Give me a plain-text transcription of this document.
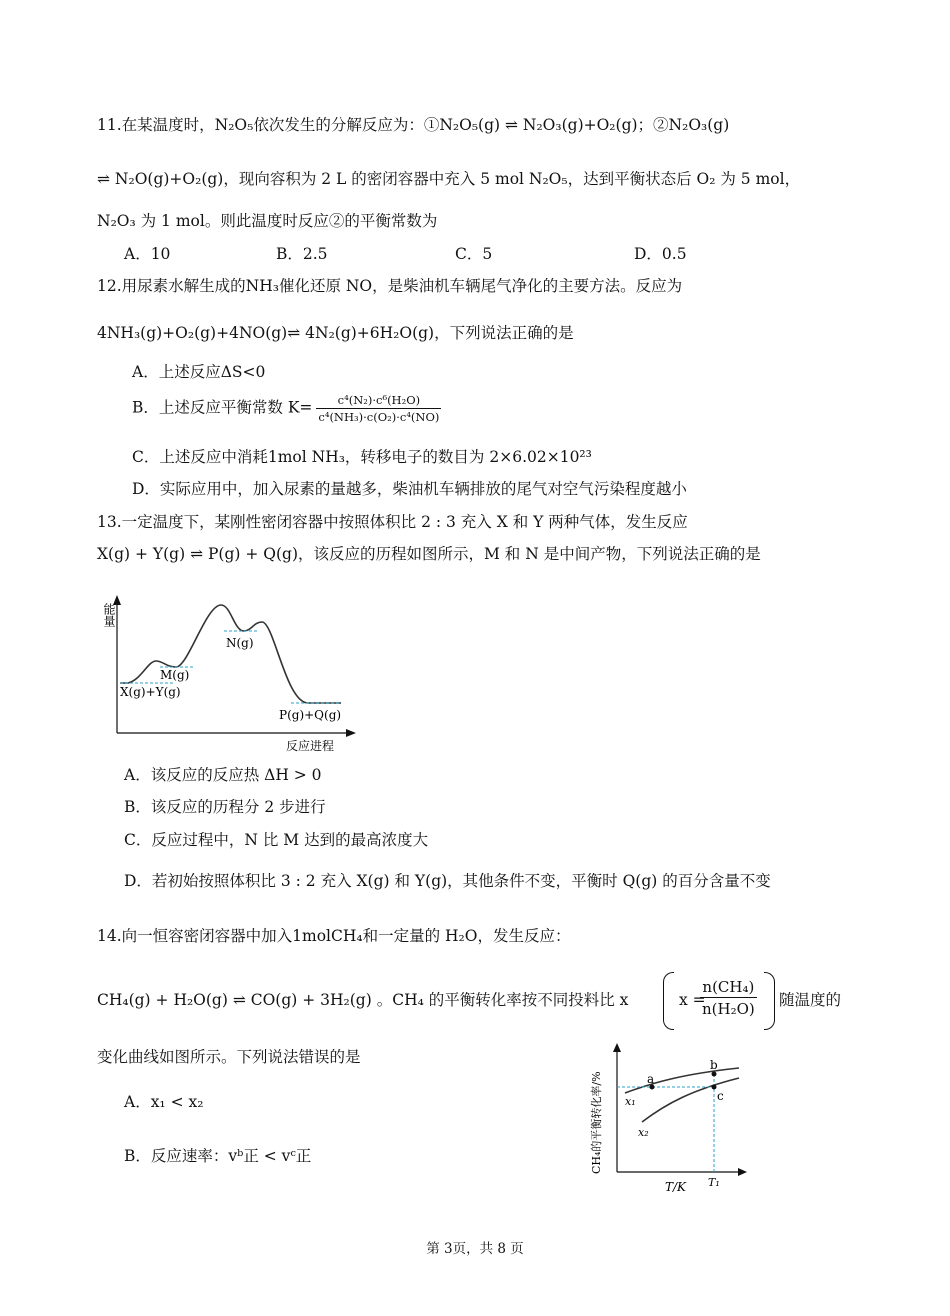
11.在某温度时，N₂O₅依次发生的分解反应为：①N₂O₅(g) ⇌ N₂O₃(g)+O₂(g)；②N₂O₃(g)
⇌ N₂O(g)+O₂(g)，现向容积为 2 L 的密闭容器中充入 5 mol N₂O₅，达到平衡状态后 O₂ 为 5 mol，
N₂O₃ 为 1 mol。则此温度时反应②的平衡常数为
A．10	B．2.5	C．5	D．0.5
12.用尿素水解生成的NH₃催化还原 NO，是柴油机车辆尾气净化的主要方法。反应为
4NH₃(g)+O₂(g)+4NO(g)⇌ 4N₂(g)+6H₂O(g)，下列说法正确的是
A．上述反应ΔS<0
B．上述反应平衡常数 $K= \frac{\text{c⁴(N₂)·c⁶(H₂O)}}{\text{c⁴(NH₃)·c(O₂)·c⁴(NO)}}$
C．上述反应中消耗1mol NH₃，转移电子的数目为 2×6.02×10²³
D．实际应用中，加入尿素的量越多，柴油机车辆排放的尾气对空气污染程度越小
13.一定温度下，某刚性密闭容器中按照体积比 2 : 3 充入 X 和 Y 两种气体，发生反应
X(g) + Y(g) ⇌ P(g) + Q(g)，该反应的历程如图所示，M 和 N 是中间产物，下列说法正确的是
能量
反应进程
X(g)+Y(g)
M(g)
N(g)
P(g)+Q(g)
A．该反应的反应热 ΔH > 0
B．该反应的历程分 2 步进行
C．反应过程中，N 比 M 达到的最高浓度大
D．若初始按照体积比 3 : 2 充入 X(g) 和 Y(g)，其他条件不变，平衡时 Q(g) 的百分含量不变
14.向一恒容密闭容器中加入1molCH₄和一定量的 H₂O，发生反应：
CH₄(g) + H₂O(g) ⇌ CO(g) + 3H₂(g) 。CH₄ 的平衡转化率按不同投料比 x	x =
$\frac{\text{n(CH₄)}}{\text{n(H₂O)}}$ 随温度的
变化曲线如图所示。下列说法错误的是
A．x₁ < x₂
B．反应速率：vᵇ正 < vᶜ正	CH₄的平衡转化率/%
T/K
a
b
c
x₁
x₂
T₁
第 3页，共 8 页
